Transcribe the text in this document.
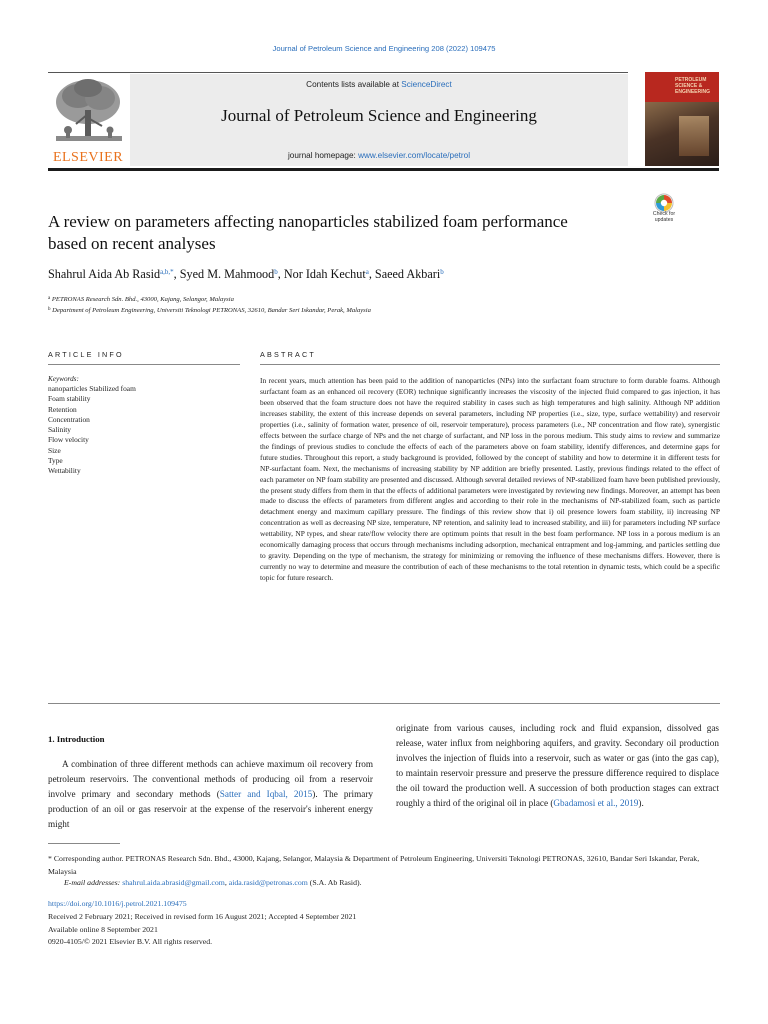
Journal of Petroleum Science and Engineering 208 (2022) 109475
ELSEVIER
Contents lists available at ScienceDirect
Journal of Petroleum Science and Engineering
journal homepage: www.elsevier.com/locate/petrol
PETROLEUM SCIENCE & ENGINEERING
Check for updates
A review on parameters affecting nanoparticles stabilized foam performance based on recent analyses
Shahrul Aida Ab Rasid$^{a,b,*}$, Syed M. Mahmood$^b$, Nor Idah Kechut$^a$, Saeed Akbari$^b$
$^a$ PETRONAS Research Sdn. Bhd., 43000, Kajang, Selangor, Malaysia
$^b$ Department of Petroleum Engineering, Universiti Teknologi PETRONAS, 32610, Bandar Seri Iskandar, Perak, Malaysia
ARTICLE INFO	ABSTRACT
Keywords:
nanoparticles Stabilized foam
Foam stability
Retention
Concentration
Salinity
Flow velocity
Size
Type
Wettability
In recent years, much attention has been paid to the addition of nanoparticles (NPs) into the surfactant foam structure to form durable foams. Although surfactant foam as an enhanced oil recovery (EOR) technique significantly increases the viscosity of the injected fluid compared to gas injection, it has been observed that the foam structure does not have the required stability in cases such as high temperatures and high salinity. Although NP addition increases stability, the extent of this increase depends on several parameters, including NP properties (i.e., size, type, surface wettability) and reservoir properties (i.e., salinity of formation water, presence of oil, reservoir temperature), process parameters (i.e., NP concentration and flow rate), synergistic effects between the surface charge of NPs and the net charge of surfactant, and NP loss in the porous medium. This study aims to review and summarize the findings of previous studies to conclude the effects of each of the parameters above on foam stability, identify differences, and determine gaps for future studies. Throughout this report, a study background is provided, followed by the concept of stability and how to determine it in different tests for NP-surfactant foam. Next, the mechanisms of increasing stability by NP addition are briefly presented. Lastly, previous findings related to the effect of each parameter on NP foam stability are presented and discussed. Although several detailed reviews of NP-stabilized foam have been published previously, the present study differs from them in that the effects of additional parameters were investigated by reviewing new findings. Moreover, an attempt has been made to discuss the effects of parameters from different angles and according to their role in the mechanisms of NP-stabilized foam, such as particle detachment energy and maximum capillary pressure. The findings of this review show that i) oil presence lowers foam stability, ii) increasing NP concentration as well as decreasing NP size, temperature, NP retention, and salinity lead to increased stability, and iii) for parameters including NP surface wettability, NP types, and shear rate/flow velocity there are optimum points that result in the best foam performance. NP loss in a porous medium is an economically damaging process that occurs through mechanisms including adsorption, mechanical entrapment and log-jamming, and particles settling due to gravity. Depending on the type of mechanism, the strategy for minimizing or removing the influence of these mechanisms differs. However, there is currently no way to determine and measure the contribution of each of these mechanisms to the total retention in dynamic tests, which could be a specific topic for future research.
1. Introduction
A combination of three different methods can achieve maximum oil recovery from petroleum reservoirs. The conventional methods of producing oil from a reservoir involve primary and secondary methods (Satter and Iqbal, 2015). The primary production of an oil or gas reservoir at the expense of the reservoir's inherent energy might
originate from various causes, including rock and fluid expansion, dissolved gas release, water influx from neighboring aquifers, and gravity. Secondary oil production involves the injection of fluids into a reservoir, such as water or gas (into the gas cap), to maintain reservoir pressure and preserve the pressure difference required to displace the oil toward the production well. A succession of both production stages can extract roughly a third of the original oil in place (Gbadamosi et al., 2019).
* Corresponding author. PETRONAS Research Sdn. Bhd., 43000, Kajang, Selangor, Malaysia & Department of Petroleum Engineering, Universiti Teknologi PETRONAS, 32610, Bandar Seri Iskandar, Perak, Malaysia
E-mail addresses: shahrul.aida.abrasid@gmail.com, aida.rasid@petronas.com (S.A. Ab Rasid).
https://doi.org/10.1016/j.petrol.2021.109475
Received 2 February 2021; Received in revised form 16 August 2021; Accepted 4 September 2021
Available online 8 September 2021
0920-4105/© 2021 Elsevier B.V. All rights reserved.
